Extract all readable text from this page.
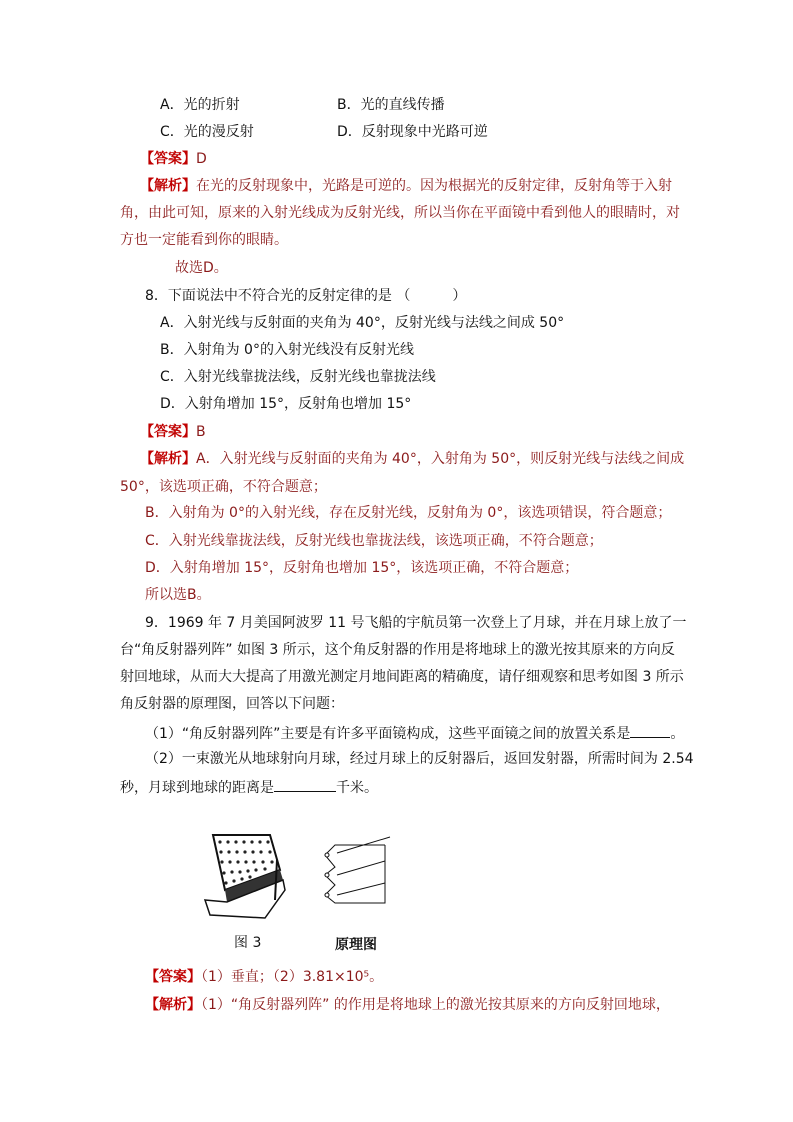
A．光的折射	B．光的直线传播
C．光的漫反射	D．反射现象中光路可逆
【答案】D
【解析】在光的反射现象中，光路是可逆的。因为根据光的反射定律，反射角等于入射
角，由此可知，原来的入射光线成为反射光线，所以当你在平面镜中看到他人的眼睛时，对
方也一定能看到你的眼睛。
故选D。
8．下面说法中不符合光的反射定律的是 （　　　）
A．入射光线与反射面的夹角为 40°，反射光线与法线之间成 50°
B．入射角为 0°的入射光线没有反射光线
C．入射光线靠拢法线，反射光线也靠拢法线
D．入射角增加 15°，反射角也增加 15°
【答案】B
【解析】A．入射光线与反射面的夹角为 40°，入射角为 50°，则反射光线与法线之间成
50°，该选项正确，不符合题意；
B．入射角为 0°的入射光线，存在反射光线，反射角为 0°，该选项错误，符合题意；
C．入射光线靠拢法线，反射光线也靠拢法线，该选项正确，不符合题意；
D．入射角增加 15°，反射角也增加 15°，该选项正确，不符合题意；
所以选B。
9．1969 年 7 月美国阿波罗 11 号飞船的宇航员第一次登上了月球，并在月球上放了一
台“角反射器列阵” 如图 3 所示，这个角反射器的作用是将地球上的激光按其原来的方向反
射回地球，从而大大提高了用激光测定月地间距离的精确度，请仔细观察和思考如图 3 所示
角反射器的原理图，回答以下问题：
（1）“角反射器列阵”主要是有许多平面镜构成，这些平面镜之间的放置关系是	。
（2）一束激光从地球射向月球，经过月球上的反射器后，返回发射器，所需时间为 2.54
秒，月球到地球的距离是	千米。
图 3	原理图
【答案】（1）垂直；（2）3.81×10⁵。
【解析】（1）“角反射器列阵” 的作用是将地球上的激光按其原来的方向反射回地球，
